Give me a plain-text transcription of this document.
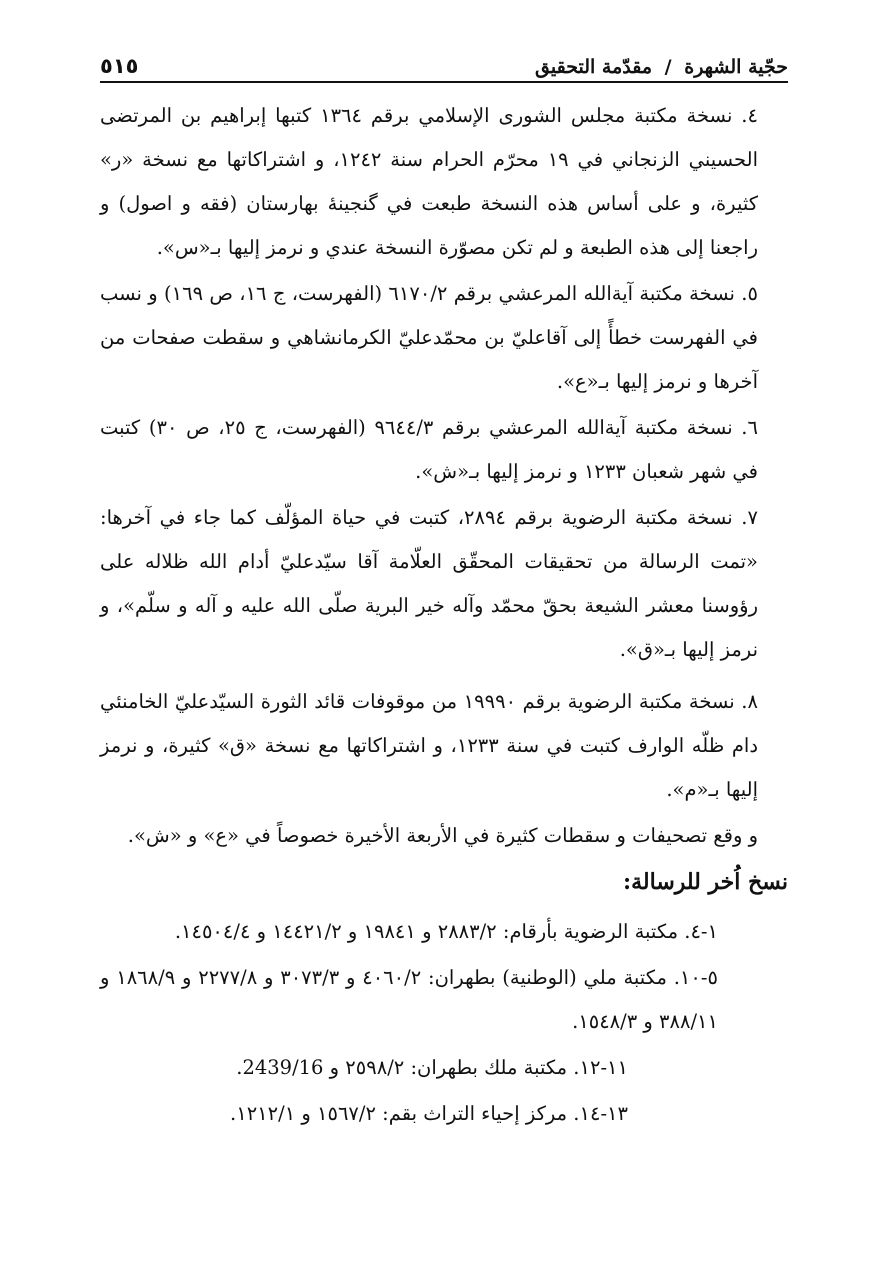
حجّية الشهرة / مقدّمة التحقيق
٥١٥

٤. نسخة مكتبة مجلس الشورى الإسلامي برقم ١٣٦٤ كتبها إبراهيم بن المرتضى الحسيني الزنجاني في ١٩ محرّم الحرام سنة ١٢٤٢، و اشتراكاتها مع نسخة «ر» كثيرة، و على أساس هذه النسخة طبعت في گنجينهٔ بهارستان (فقه و اصول) و راجعنا إلى هذه الطبعة و لم تكن مصوّرة النسخة عندي و نرمز إليها بـ«س».

٥. نسخة مكتبة آية‌الله المرعشي برقم ٦١٧٠/٢ (الفهرست، ج ١٦، ص ١٦٩) و نسب في الفهرست خطأً إلى آقاعليّ بن محمّدعليّ الكرمانشاهي و سقطت صفحات من آخرها و نرمز إليها بـ«ع».

٦. نسخة مكتبة آية‌الله المرعشي برقم ٩٦٤٤/٣ (الفهرست، ج ٢٥، ص ٣٠) كتبت في شهر شعبان ١٢٣٣ و نرمز إليها بـ«ش».

٧. نسخة مكتبة الرضوية برقم ٢٨٩٤، كتبت في حياة المؤلّف كما جاء في آخرها: «تمت الرسالة من تحقيقات المحقّق العلّامة آقا سيّدعليّ أدام الله ظلاله على رؤوسنا معشر الشيعة بحقّ محمّد وآله خير البرية صلّى الله عليه و آله و سلّم»، و نرمز إليها بـ«ق».

٨. نسخة مكتبة الرضوية برقم ١٩٩٩٠ من موقوفات قائد الثورة السيّدعليّ الخامنئي دام ظلّه الوارف كتبت في سنة ١٢٣٣، و اشتراكاتها مع نسخة «ق» كثيرة، و نرمز إليها بـ«م».

و وقع تصحيفات و سقطات كثيرة في الأربعة الأخيرة خصوصاً في «ع» و «ش».

نسخ اُخر للرسالة:

١-٤. مكتبة الرضوية بأرقام: ٢٨٨٣/٢ و ١٩٨٤١ و ١٤٤٢١/٢ و ١٤٥٠٤/٤.

٥-١٠. مكتبة ملي (الوطنية) بطهران: ٤٠٦٠/٢ و ٣٠٧٣/٣ و ٢٢٧٧/٨ و ١٨٦٨/٩ و ٣٨٨/١١ و ١٥٤٨/٣.

١١-١٢. مكتبة ملك بطهران: ٢٥٩٨/٢ و 2439/16.

١٣-١٤. مركز إحياء التراث بقم: ١٥٦٧/٢ و ١٢١٢/١.
